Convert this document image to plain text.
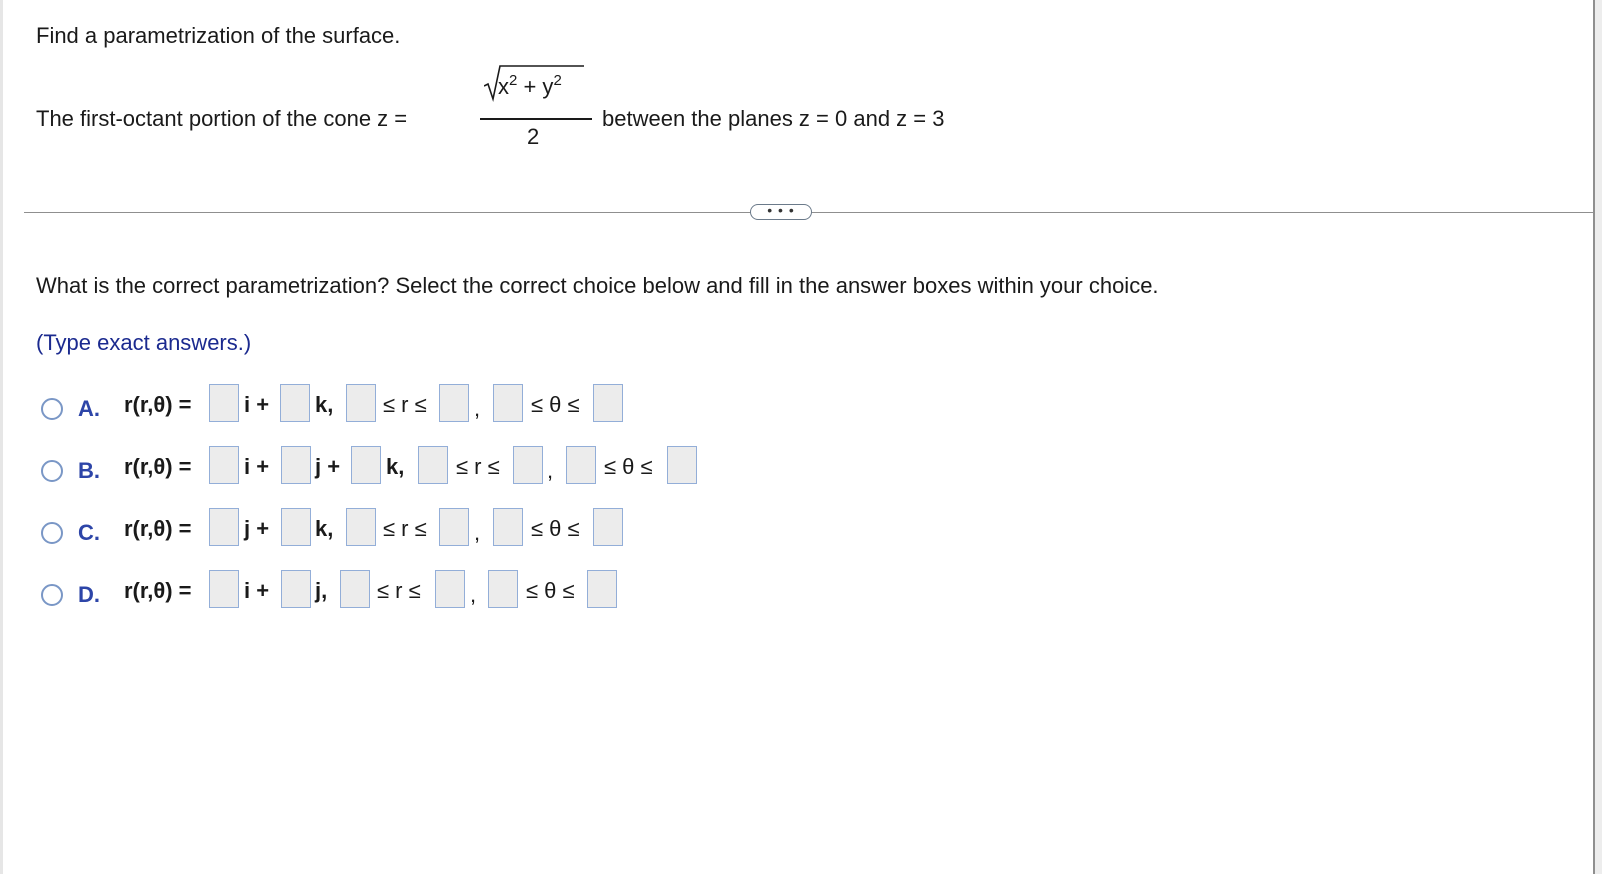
Find a parametrization of the surface.
The first-octant portion of the cone z =
$x^2 + y^2$
2
between the planes z = 0 and z = 3
• • •
What is the correct parametrization? Select the correct choice below and fill in the answer boxes within your choice.
(Type exact answers.)
A. r(r,θ) = i + k, ≤ r ≤ , ≤ θ ≤
B. r(r,θ) = i + j + k, ≤ r ≤ , ≤ θ ≤
C. r(r,θ) = j + k, ≤ r ≤ , ≤ θ ≤
D. r(r,θ) = i + j, ≤ r ≤ , ≤ θ ≤
